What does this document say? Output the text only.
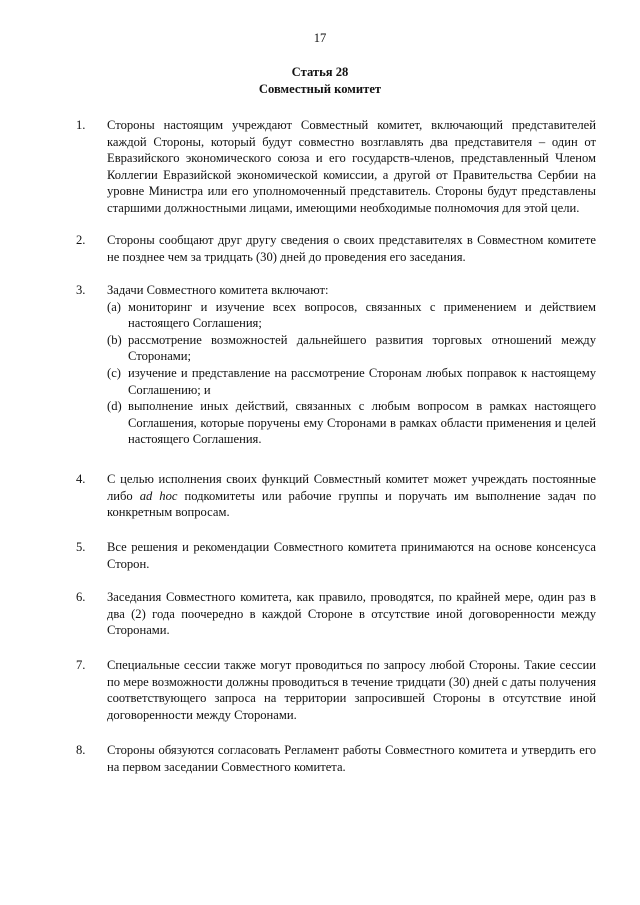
17
Статья 28
Совместный комитет
1.	Стороны настоящим учреждают Совместный комитет, включающий представителей каждой Стороны, который будут совместно возглавлять два представителя – один от Евразийского экономического союза и его государств-членов, представленный Членом Коллегии Евразийской экономической комиссии, а другой от Правительства Сербии на уровне Министра или его уполномоченный представитель. Стороны будут представлены старшими должностными лицами, имеющими необходимые полномочия для этой цели.
2.	Стороны сообщают друг другу сведения о своих представителях в Совместном комитете не позднее чем за тридцать (30) дней до проведения его заседания.
3.	Задачи Совместного комитета включают:
(a) мониторинг и изучение всех вопросов, связанных с применением и действием настоящего Соглашения;
(b) рассмотрение возможностей дальнейшего развития торговых отношений между Сторонами;
(c) изучение и представление на рассмотрение Сторонам любых поправок к настоящему Соглашению; и
(d) выполнение иных действий, связанных с любым вопросом в рамках настоящего Соглашения, которые поручены ему Сторонами в рамках области применения и целей настоящего Соглашения.
4.	С целью исполнения своих функций Совместный комитет может учреждать постоянные либо ad hoc подкомитеты или рабочие группы и поручать им выполнение задач по конкретным вопросам.
5.	Все решения и рекомендации Совместного комитета принимаются на основе консенсуса Сторон.
6.	Заседания Совместного комитета, как правило, проводятся, по крайней мере, один раз в два (2) года поочередно в каждой Стороне в отсутствие иной договоренности между Сторонами.
7.	Специальные сессии также могут проводиться по запросу любой Стороны. Такие сессии по мере возможности должны проводиться в течение тридцати (30) дней с даты получения соответствующего запроса на территории запросившей Стороны в отсутствие иной договоренности между Сторонами.
8.	Стороны обязуются согласовать Регламент работы Совместного комитета и утвердить его на первом заседании Совместного комитета.
